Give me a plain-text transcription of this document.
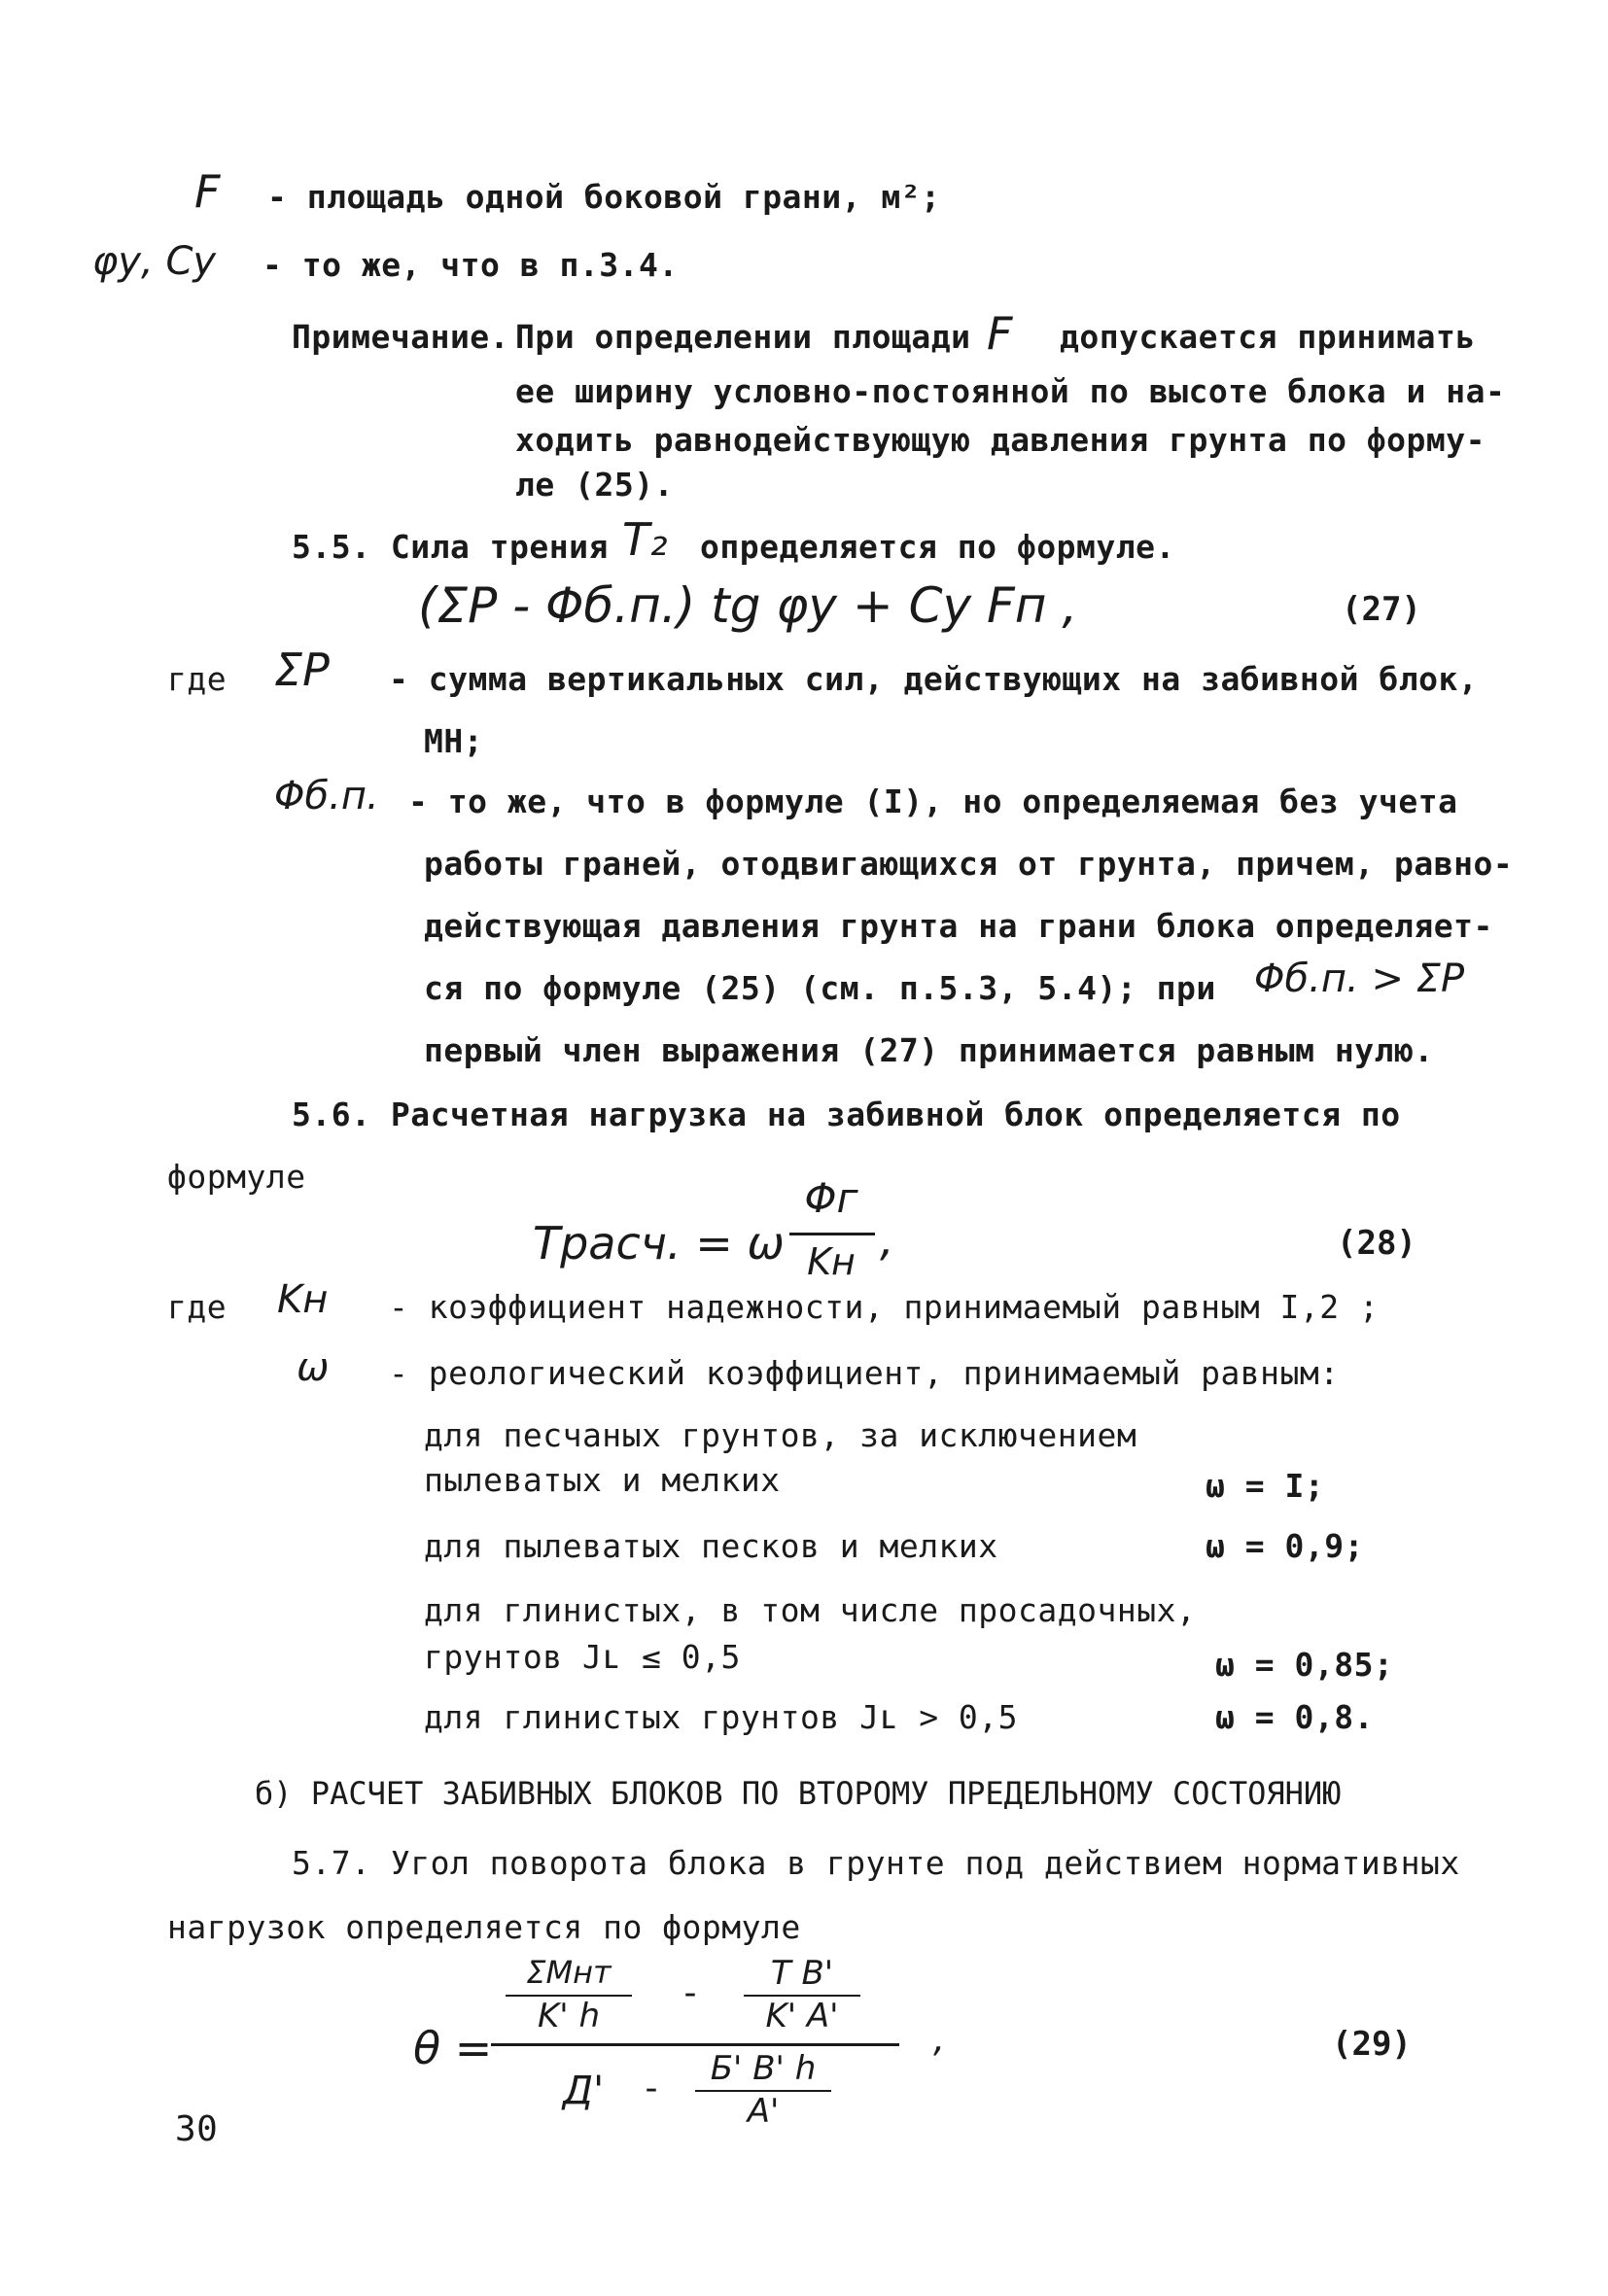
F - площадь одной боковой грани, м²;
φу, Су - то же, что в п.3.4.
Примечание. При определении площади F допускается принимать
ее ширину условно-постоянной по высоте блока и на-
ходить равнодействующую давления грунта по форму-
ле (25).
5.5. Сила трения T₂ определяется по формуле.
(ΣP - Φб.п.) tg φу + Су Fп ,	(27)
где ΣP - сумма вертикальных сил, действующих на забивной блок,
МН;
Φб.п. - то же, что в формуле (I), но определяемая без учета
работы граней, отодвигающихся от грунта, причем, равно-
действующая давления грунта на грани блока определяет-
ся по формуле (25) (см. п.5.3, 5.4); при Φб.п. > ΣP
первый член выражения (27) принимается равным нулю.
5.6. Расчетная нагрузка на забивной блок определяется по
формуле
Tрасч. = ω
Φг
Kн ,	(28)
где Kн - коэффициент надежности, принимаемый равным I,2 ;
ω - реологический коэффициент, принимаемый равным:
для песчаных грунтов, за исключением
пылеватых и мелких	ω = I;
для пылеватых песков и мелких	ω = 0,9;
для глинистых, в том числе просадочных,
грунтов Jʟ ≤ 0,5	ω = 0,85;
для глинистых грунтов Jʟ > 0,5	ω = 0,8.
б) РАСЧЕТ ЗАБИВНЫХ БЛОКОВ ПО ВТОРОМУ ПРЕДЕЛЬНОМУ СОСТОЯНИЮ
5.7. Угол поворота блока в грунте под действием нормативных
нагрузок определяется по формуле
θ =
ΣMнт
K' h
-	T B'
K' A'
Д'	-	Б' B' h
A'
,	(29)
30
